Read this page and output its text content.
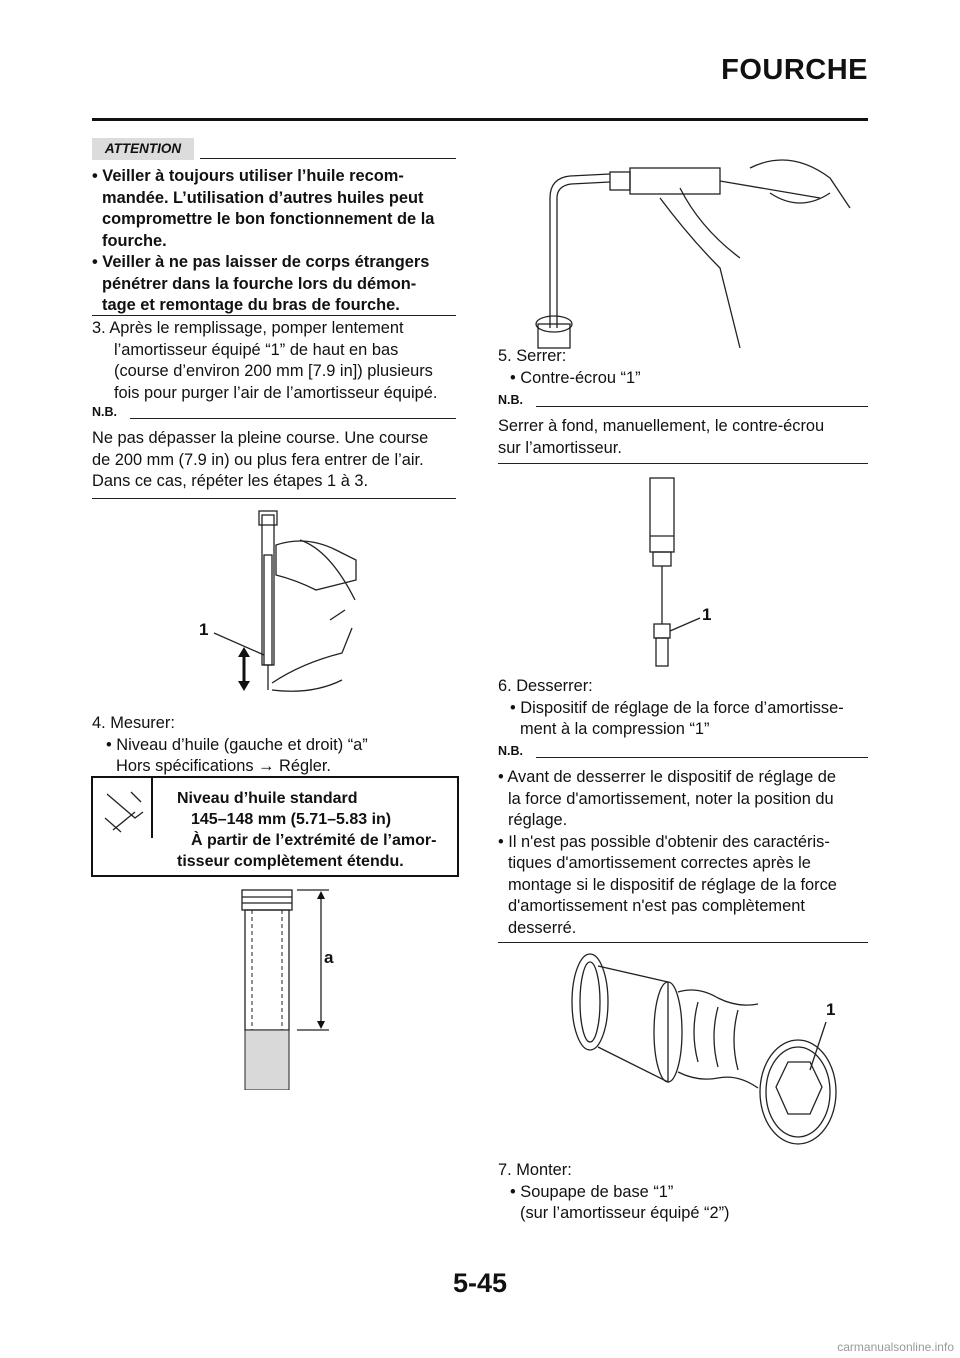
FOURCHE
ATTENTION
• Veiller à toujours utiliser l’huile recom-
mandée. L’utilisation d’autres huiles peut
compromettre le bon fonctionnement de la
fourche.
• Veiller à ne pas laisser de corps étrangers
pénétrer dans la fourche lors du démon-
tage et remontage du bras de fourche.
3. Après le remplissage, pomper lentement
l’amortisseur équipé “1” de haut en bas
(course d’environ 200 mm [7.9 in]) plusieurs
fois pour purger l’air de l’amortisseur équipé.
N.B.
Ne pas dépasser la pleine course. Une course
de 200 mm (7.9 in) ou plus fera entrer de l’air.
Dans ce cas, répéter les étapes 1 à 3.
1
4. Mesurer:
• Niveau d’huile (gauche et droit) “a”
Hors spécifications → Régler.
Niveau d’huile standard
145–148 mm (5.71–5.83 in)
À partir de l’extrémité de l’amor-
tisseur complètement étendu.
a
5. Serrer:
• Contre-écrou “1”
N.B.
Serrer à fond, manuellement, le contre-écrou
sur l’amortisseur.
1
6. Desserrer:
• Dispositif de réglage de la force d’amortisse-
ment à la compression “1”
N.B.
• Avant de desserrer le dispositif de réglage de
la force d'amortissement, noter la position du
réglage.
• Il n'est pas possible d'obtenir des caractéris-
tiques d'amortissement correctes après le
montage si le dispositif de réglage de la force
d'amortissement n'est pas complètement
desserré.
1
7. Monter:
• Soupape de base “1”
(sur l’amortisseur équipé “2”)
5-45
carmanualsonline.info
